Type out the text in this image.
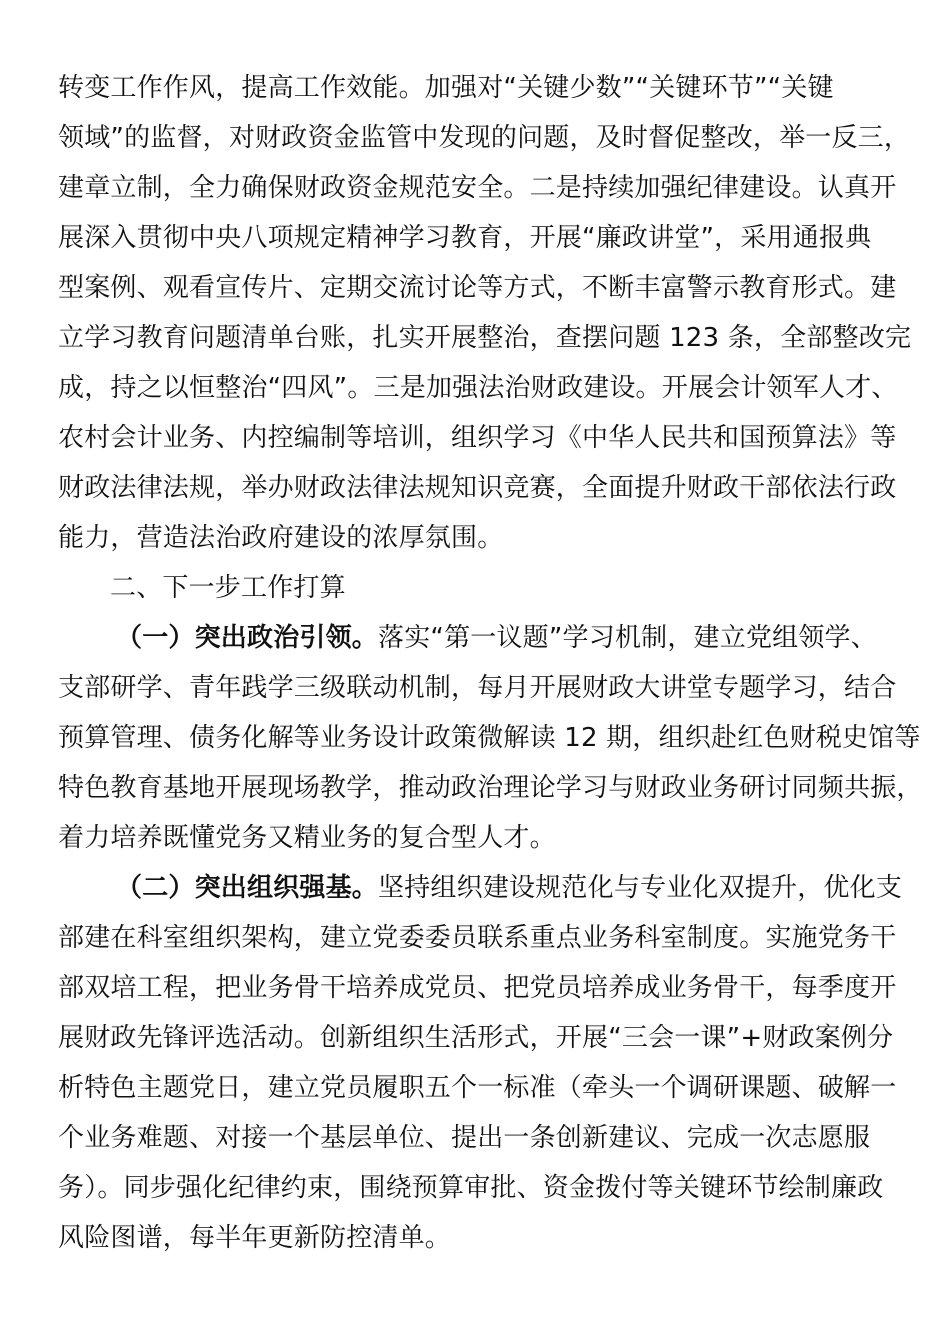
转变工作作风，提高工作效能。加强对“关键少数”“关键环节”“关键
领域”的监督，对财政资金监管中发现的问题，及时督促整改，举一反三，
建章立制，全力确保财政资金规范安全。二是持续加强纪律建设。认真开
展深入贯彻中央八项规定精神学习教育，开展“廉政讲堂”，采用通报典
型案例、观看宣传片、定期交流讨论等方式，不断丰富警示教育形式。建
立学习教育问题清单台账，扎实开展整治，查摆问题 123 条，全部整改完
成，持之以恒整治“四风”。三是加强法治财政建设。开展会计领军人才、
农村会计业务、内控编制等培训，组织学习《中华人民共和国预算法》等
财政法律法规，举办财政法律法规知识竞赛，全面提升财政干部依法行政
能力，营造法治政府建设的浓厚氛围。
二、下一步工作打算
（一）突出政治引领。落实“第一议题”学习机制，建立党组领学、
支部研学、青年践学三级联动机制，每月开展财政大讲堂专题学习，结合
预算管理、债务化解等业务设计政策微解读 12 期，组织赴红色财税史馆等
特色教育基地开展现场教学，推动政治理论学习与财政业务研讨同频共振，
着力培养既懂党务又精业务的复合型人才。
（二）突出组织强基。坚持组织建设规范化与专业化双提升，优化支
部建在科室组织架构，建立党委委员联系重点业务科室制度。实施党务干
部双培工程，把业务骨干培养成党员、把党员培养成业务骨干，每季度开
展财政先锋评选活动。创新组织生活形式，开展“三会一课”+财政案例分
析特色主题党日，建立党员履职五个一标准（牵头一个调研课题、破解一
个业务难题、对接一个基层单位、提出一条创新建议、完成一次志愿服
务）。同步强化纪律约束，围绕预算审批、资金拨付等关键环节绘制廉政
风险图谱，每半年更新防控清单。
